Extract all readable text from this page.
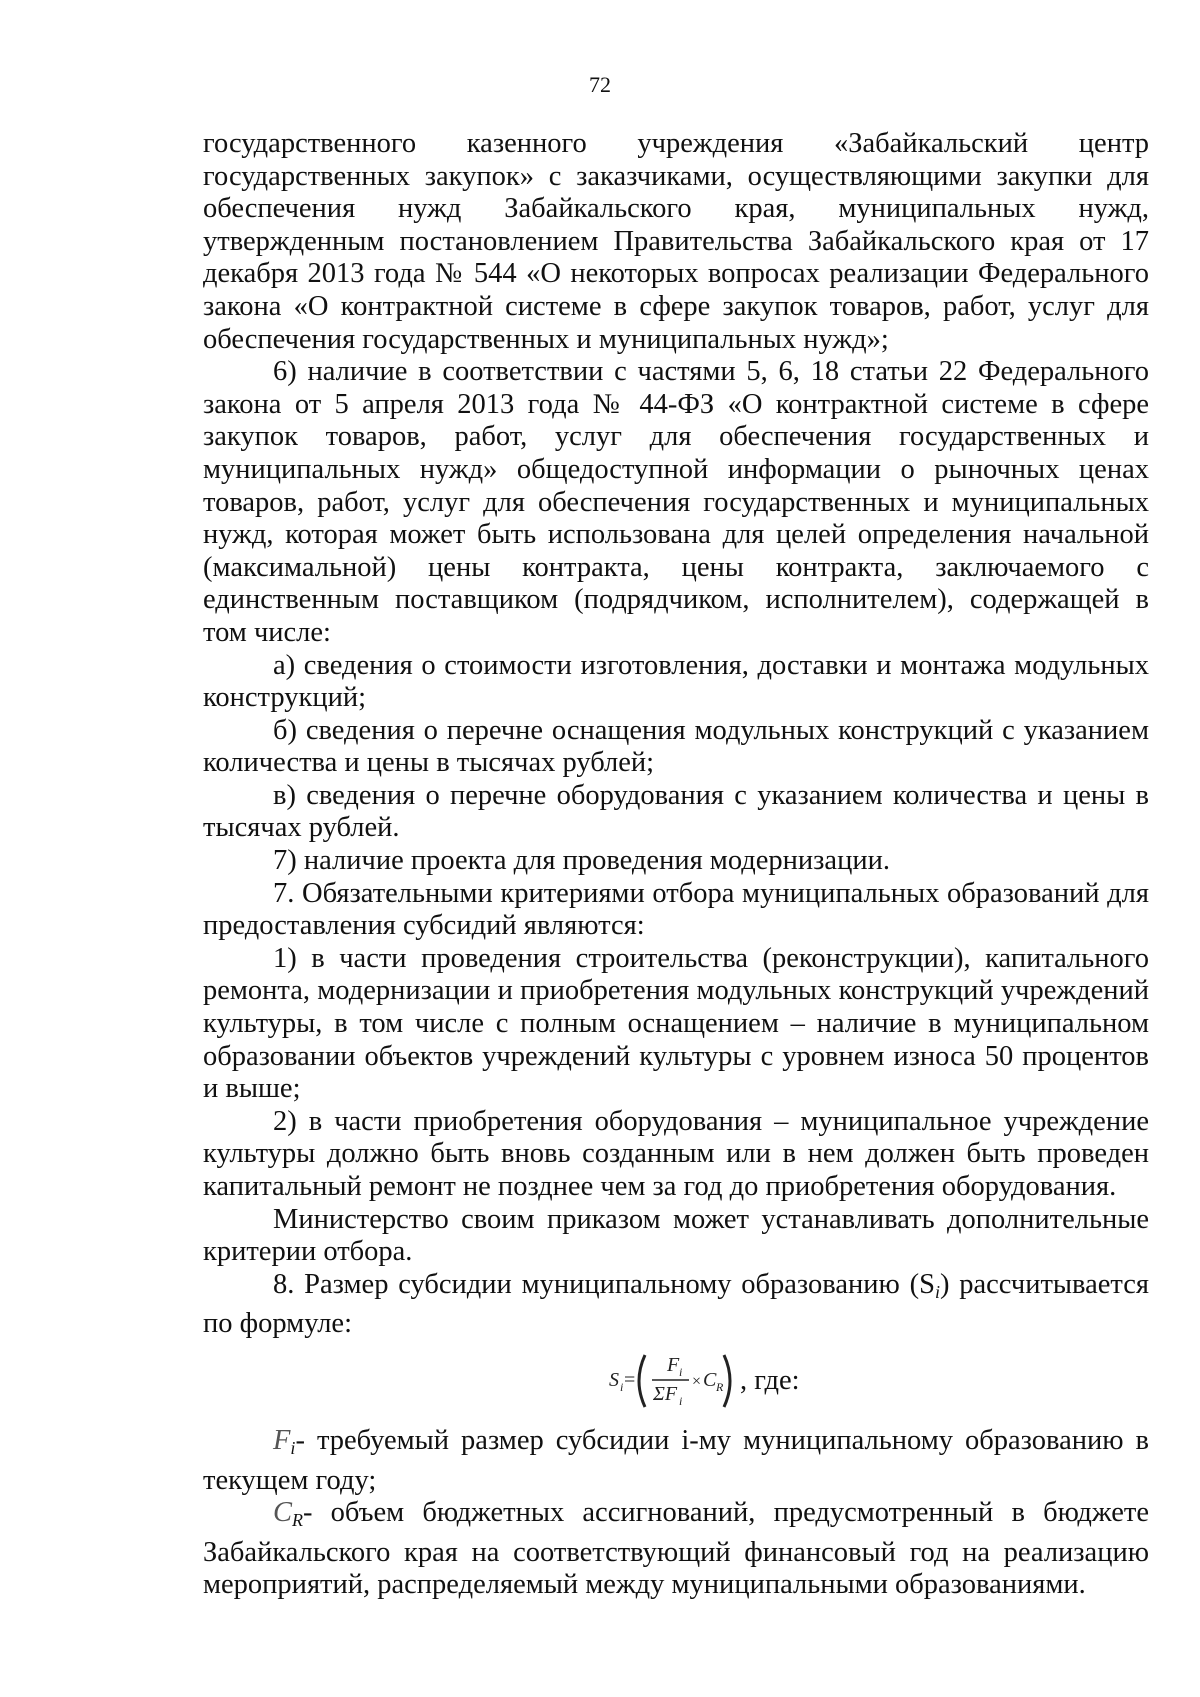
72

государственного казенного учреждения «Забайкальский центр государственных закупок» с заказчиками, осуществляющими закупки для обеспечения нужд Забайкальского края, муниципальных нужд, утвержденным постановлением Правительства Забайкальского края от 17 декабря 2013 года № 544 «О некоторых вопросах реализации Федерального закона «О контрактной системе в сфере закупок товаров, работ, услуг для обеспечения государственных и муниципальных нужд»;

6) наличие в соответствии с частями 5, 6, 18 статьи 22 Федерального закона от 5 апреля 2013 года № 44-ФЗ «О контрактной системе в сфере закупок товаров, работ, услуг для обеспечения государственных и муниципальных нужд» общедоступной информации о рыночных ценах товаров, работ, услуг для обеспечения государственных и муниципальных нужд, которая может быть использована для целей определения начальной (максимальной) цены контракта, цены контракта, заключаемого с единственным поставщиком (подрядчиком, исполнителем), содержащей в том числе:

а) сведения о стоимости изготовления, доставки и монтажа модульных конструкций;

б) сведения о перечне оснащения модульных конструкций с указанием количества и цены в тысячах рублей;

в) сведения о перечне оборудования с указанием количества и цены в тысячах рублей.

7) наличие проекта для проведения модернизации.

7. Обязательными критериями отбора муниципальных образований для предоставления субсидий являются:

1) в части проведения строительства (реконструкции), капитального ремонта, модернизации и приобретения модульных конструкций учреждений культуры, в том числе с полным оснащением – наличие в муниципальном образовании объектов учреждений культуры с уровнем износа 50 процентов и выше;

2) в части приобретения оборудования – муниципальное учреждение культуры должно быть вновь созданным или в нем должен быть проведен капитальный ремонт не позднее чем за год до приобретения оборудования.

Министерство своим приказом может устанавливать дополнительные критерии отбора.

8. Размер субсидии муниципальному образованию $(S_i)$ рассчитывается по формуле:

S i =
F i
ΣF i
× C R , где:

Fi- требуемый размер субсидии i-му муниципальному образованию в текущем году;

CR- объем бюджетных ассигнований, предусмотренный в бюджете Забайкальского края на соответствующий финансовый год на реализацию мероприятий, распределяемый между муниципальными образованиями.
